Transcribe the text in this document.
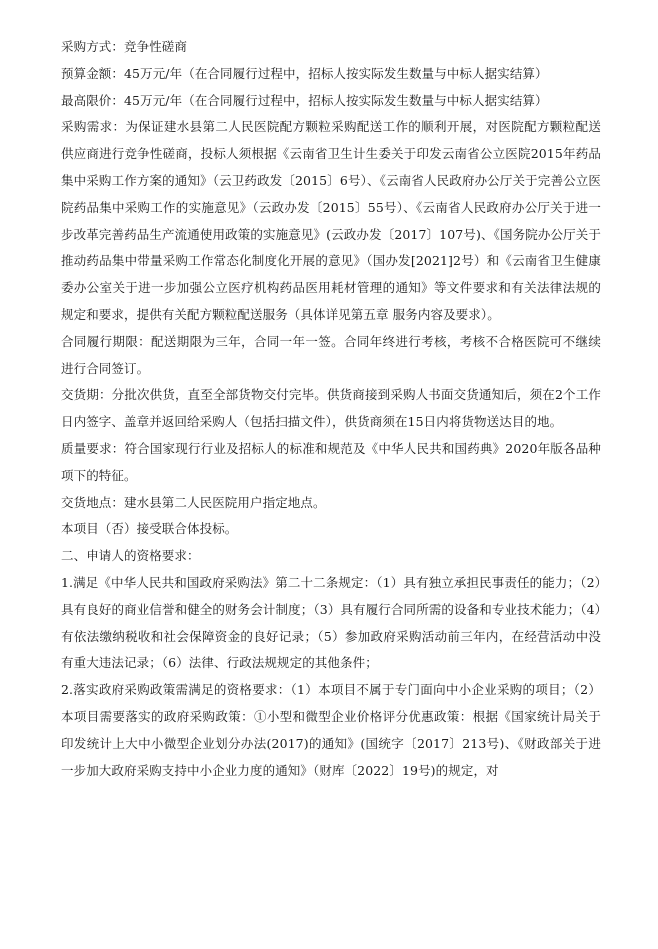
采购方式：竞争性磋商

预算金额：45万元/年（在合同履行过程中，招标人按实际发生数量与中标人据实结算）

最高限价：45万元/年（在合同履行过程中，招标人按实际发生数量与中标人据实结算）

采购需求：为保证建水县第二人民医院配方颗粒采购配送工作的顺利开展，对医院配方颗粒配送供应商进行竞争性磋商，投标人须根据《云南省卫生计生委关于印发云南省公立医院2015年药品集中采购工作方案的通知》（云卫药政发〔2015〕6号）、《云南省人民政府办公厅关于完善公立医院药品集中采购工作的实施意见》（云政办发〔2015〕55号）、《云南省人民政府办公厅关于进一步改革完善药品生产流通使用政策的实施意见》(云政办发〔2017〕107号)、《国务院办公厅关于推动药品集中带量采购工作常态化制度化开展的意见》（国办发[2021]2号）和《云南省卫生健康委办公室关于进一步加强公立医疗机构药品医用耗材管理的通知》等文件要求和有关法律法规的规定和要求，提供有关配方颗粒配送服务（具体详见第五章 服务内容及要求）。

合同履行期限：配送期限为三年，合同一年一签。合同年终进行考核，考核不合格医院可不继续进行合同签订。

交货期：分批次供货，直至全部货物交付完毕。供货商接到采购人书面交货通知后，须在2个工作日内签字、盖章并返回给采购人（包括扫描文件），供货商须在15日内将货物送达目的地。

质量要求：符合国家现行行业及招标人的标准和规范及《中华人民共和国药典》2020年版各品种项下的特征。

交货地点：建水县第二人民医院用户指定地点。

本项目（否）接受联合体投标。

二、申请人的资格要求：

1.满足《中华人民共和国政府采购法》第二十二条规定：（1）具有独立承担民事责任的能力；（2）具有良好的商业信誉和健全的财务会计制度；（3）具有履行合同所需的设备和专业技术能力；（4）有依法缴纳税收和社会保障资金的良好记录；（5）参加政府采购活动前三年内，在经营活动中没有重大违法记录；（6）法律、行政法规规定的其他条件；

2.落实政府采购政策需满足的资格要求：（1）本项目不属于专门面向中小企业采购的项目；（2）本项目需要落实的政府采购政策：①小型和微型企业价格评分优惠政策：根据《国家统计局关于印发统计上大中小微型企业划分办法(2017)的通知》(国统字〔2017〕213号)、《财政部关于进一步加大政府采购支持中小企业力度的通知》（财库〔2022〕19号)的规定，对
